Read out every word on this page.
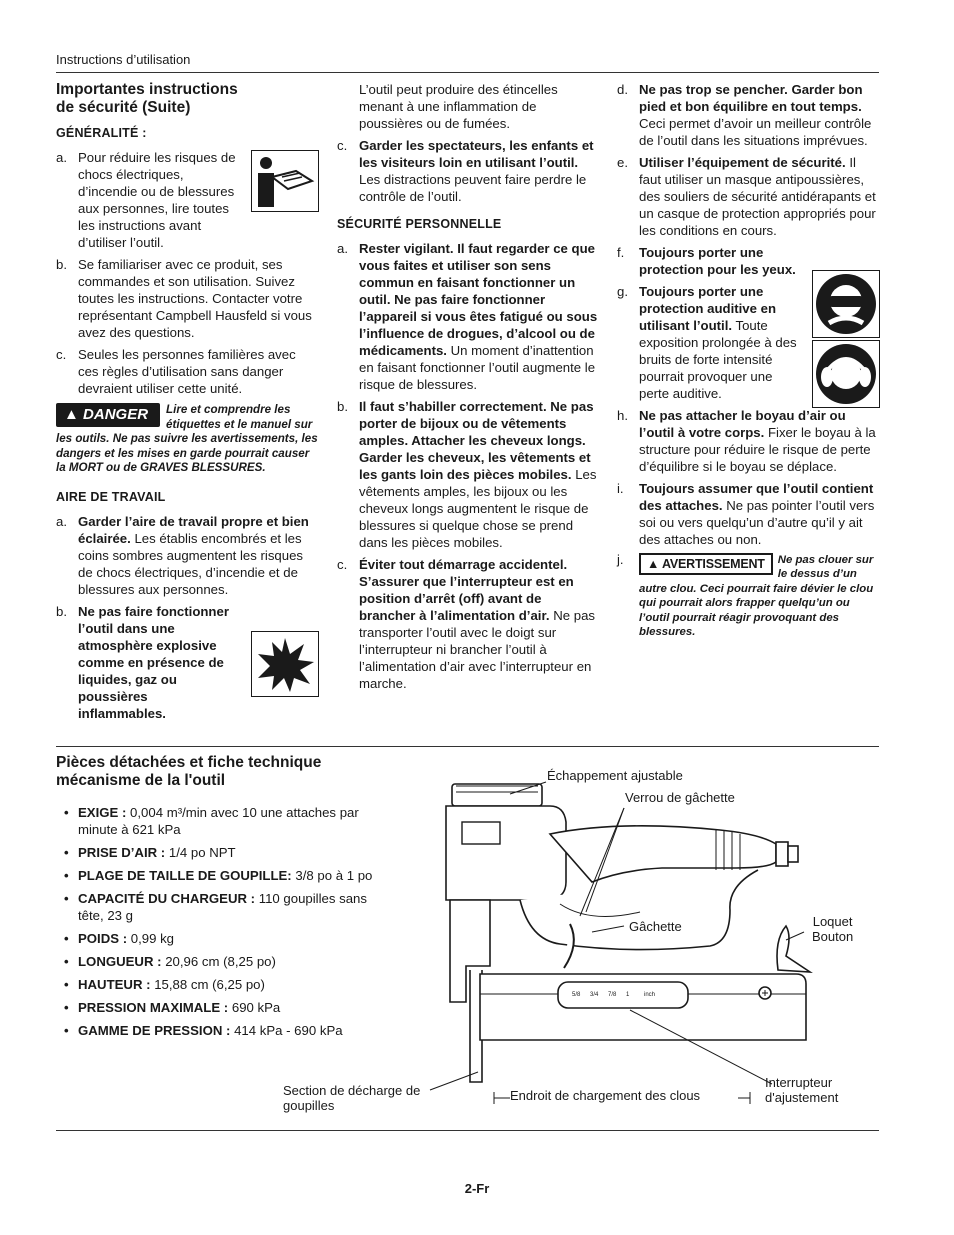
Instructions d’utilisation
Importantes instructions
de sécurité (Suite)
GÉNÉRALITÉ :
a. Pour réduire les risques de chocs électriques, d’incendie ou de blessures aux personnes, lire toutes les instructions avant d’utiliser l’outil.
b. Se familiariser avec ce produit, ses commandes et son utilisation. Suivez toutes les instructions. Contacter votre représentant Campbell Hausfeld si vous avez des questions.
c. Seules les personnes familières avec ces règles d’utilisation sans danger devraient utiliser cette unité.
▲ DANGER	Lire et comprendre les étiquettes et le manuel sur les outils. Ne pas suivre les avertissements, les dangers et les mises en garde pourrait causer la MORT ou de GRAVES BLESSURES.
AIRE DE TRAVAIL
a. Garder l’aire de travail propre et bien éclairée. Les établis encombrés et les coins sombres augmentent les risques de chocs électriques, d’incendie et de blessures aux personnes.
b. Ne pas faire fonctionner l’outil dans une atmosphère explosive comme en présence de liquides, gaz ou poussières inflammables.
L’outil peut produire des étincelles menant à une inflammation de poussières ou de fumées.
c. Garder les spectateurs, les enfants et les visiteurs loin en utilisant l’outil. Les distractions peuvent faire perdre le contrôle de l’outil.
SÉCURITÉ PERSONNELLE
a. Rester vigilant. Il faut regarder ce que vous faites et utiliser son sens commun en faisant fonctionner un outil. Ne pas faire fonctionner l’appareil si vous êtes fatigué ou sous l’influence de drogues, d’alcool ou de médicaments. Un moment d’inattention en faisant fonctionner l’outil augmente le risque de blessures.
b. Il faut s’habiller correctement. Ne pas porter de bijoux ou de vêtements amples. Attacher les cheveux longs. Garder les cheveux, les vêtements et les gants loin des pièces mobiles. Les vêtements amples, les bijoux ou les cheveux longs augmentent le risque de blessures si quelque chose se prend dans les pièces mobiles.
c. Éviter tout démarrage accidentel. S’assurer que l’interrupteur est en position d’arrêt (off) avant de brancher à l’alimentation d’air. Ne pas transporter l’outil avec le doigt sur l’interrupteur ni brancher l’outil à l’alimentation d’air avec l’interrupteur en marche.
d. Ne pas trop se pencher. Garder bon pied et bon équilibre en tout temps. Ceci permet d’avoir un meilleur contrôle de l’outil dans les situations imprévues.
e. Utiliser l’équipement de sécurité. Il faut utiliser un masque antipoussières, des souliers de sécurité antidérapants et un casque de protection appropriés pour les conditions en cours.
f. Toujours porter une protection pour les yeux.
g. Toujours porter une protection auditive en utilisant l’outil. Toute exposition prolongée à des bruits de forte intensité pourrait provoquer une perte auditive.
h. Ne pas attacher le boyau d’air ou l’outil à votre corps. Fixer le boyau à la structure pour réduire le risque de perte d’équilibre si le boyau se déplace.
i. Toujours assumer que l’outil contient des attaches. Ne pas pointer l’outil vers soi ou vers quelqu’un d’autre qu’il y ait des attaches ou non.
j.	▲ AVERTISSEMENT	Ne pas clouer sur le dessus d’un autre clou. Ceci pourrait faire dévier le clou qui pourrait alors frapper quelqu’un ou l’outil pourrait réagir provoquant des blessures.
Pièces détachées et fiche technique
mécanisme de la l'outil
• EXIGE : 0,004 m³/min avec 10 une attaches par minute à 621 kPa
• PRISE D’AIR : 1/4 po NPT
• PLAGE DE TAILLE DE GOUPILLE: 3/8 po à 1 po
• CAPACITÉ DU CHARGEUR : 110 goupilles sans tête, 23 g
• POIDS : 0,99 kg
• LONGUEUR : 20,96 cm (8,25 po)
• HAUTEUR : 15,88 cm (6,25 po)
• PRESSION MAXIMALE : 690 kPa
• GAMME DE PRESSION : 414 kPa - 690 kPa
5/8 3/4 7/8 1 inch
Échappement ajustable
Verrou de gâchette
Gâchette	Loquet
Bouton
Section de décharge de
goupilles
Endroit de chargement des clous
Interrupteur
d'ajustement
2-Fr
